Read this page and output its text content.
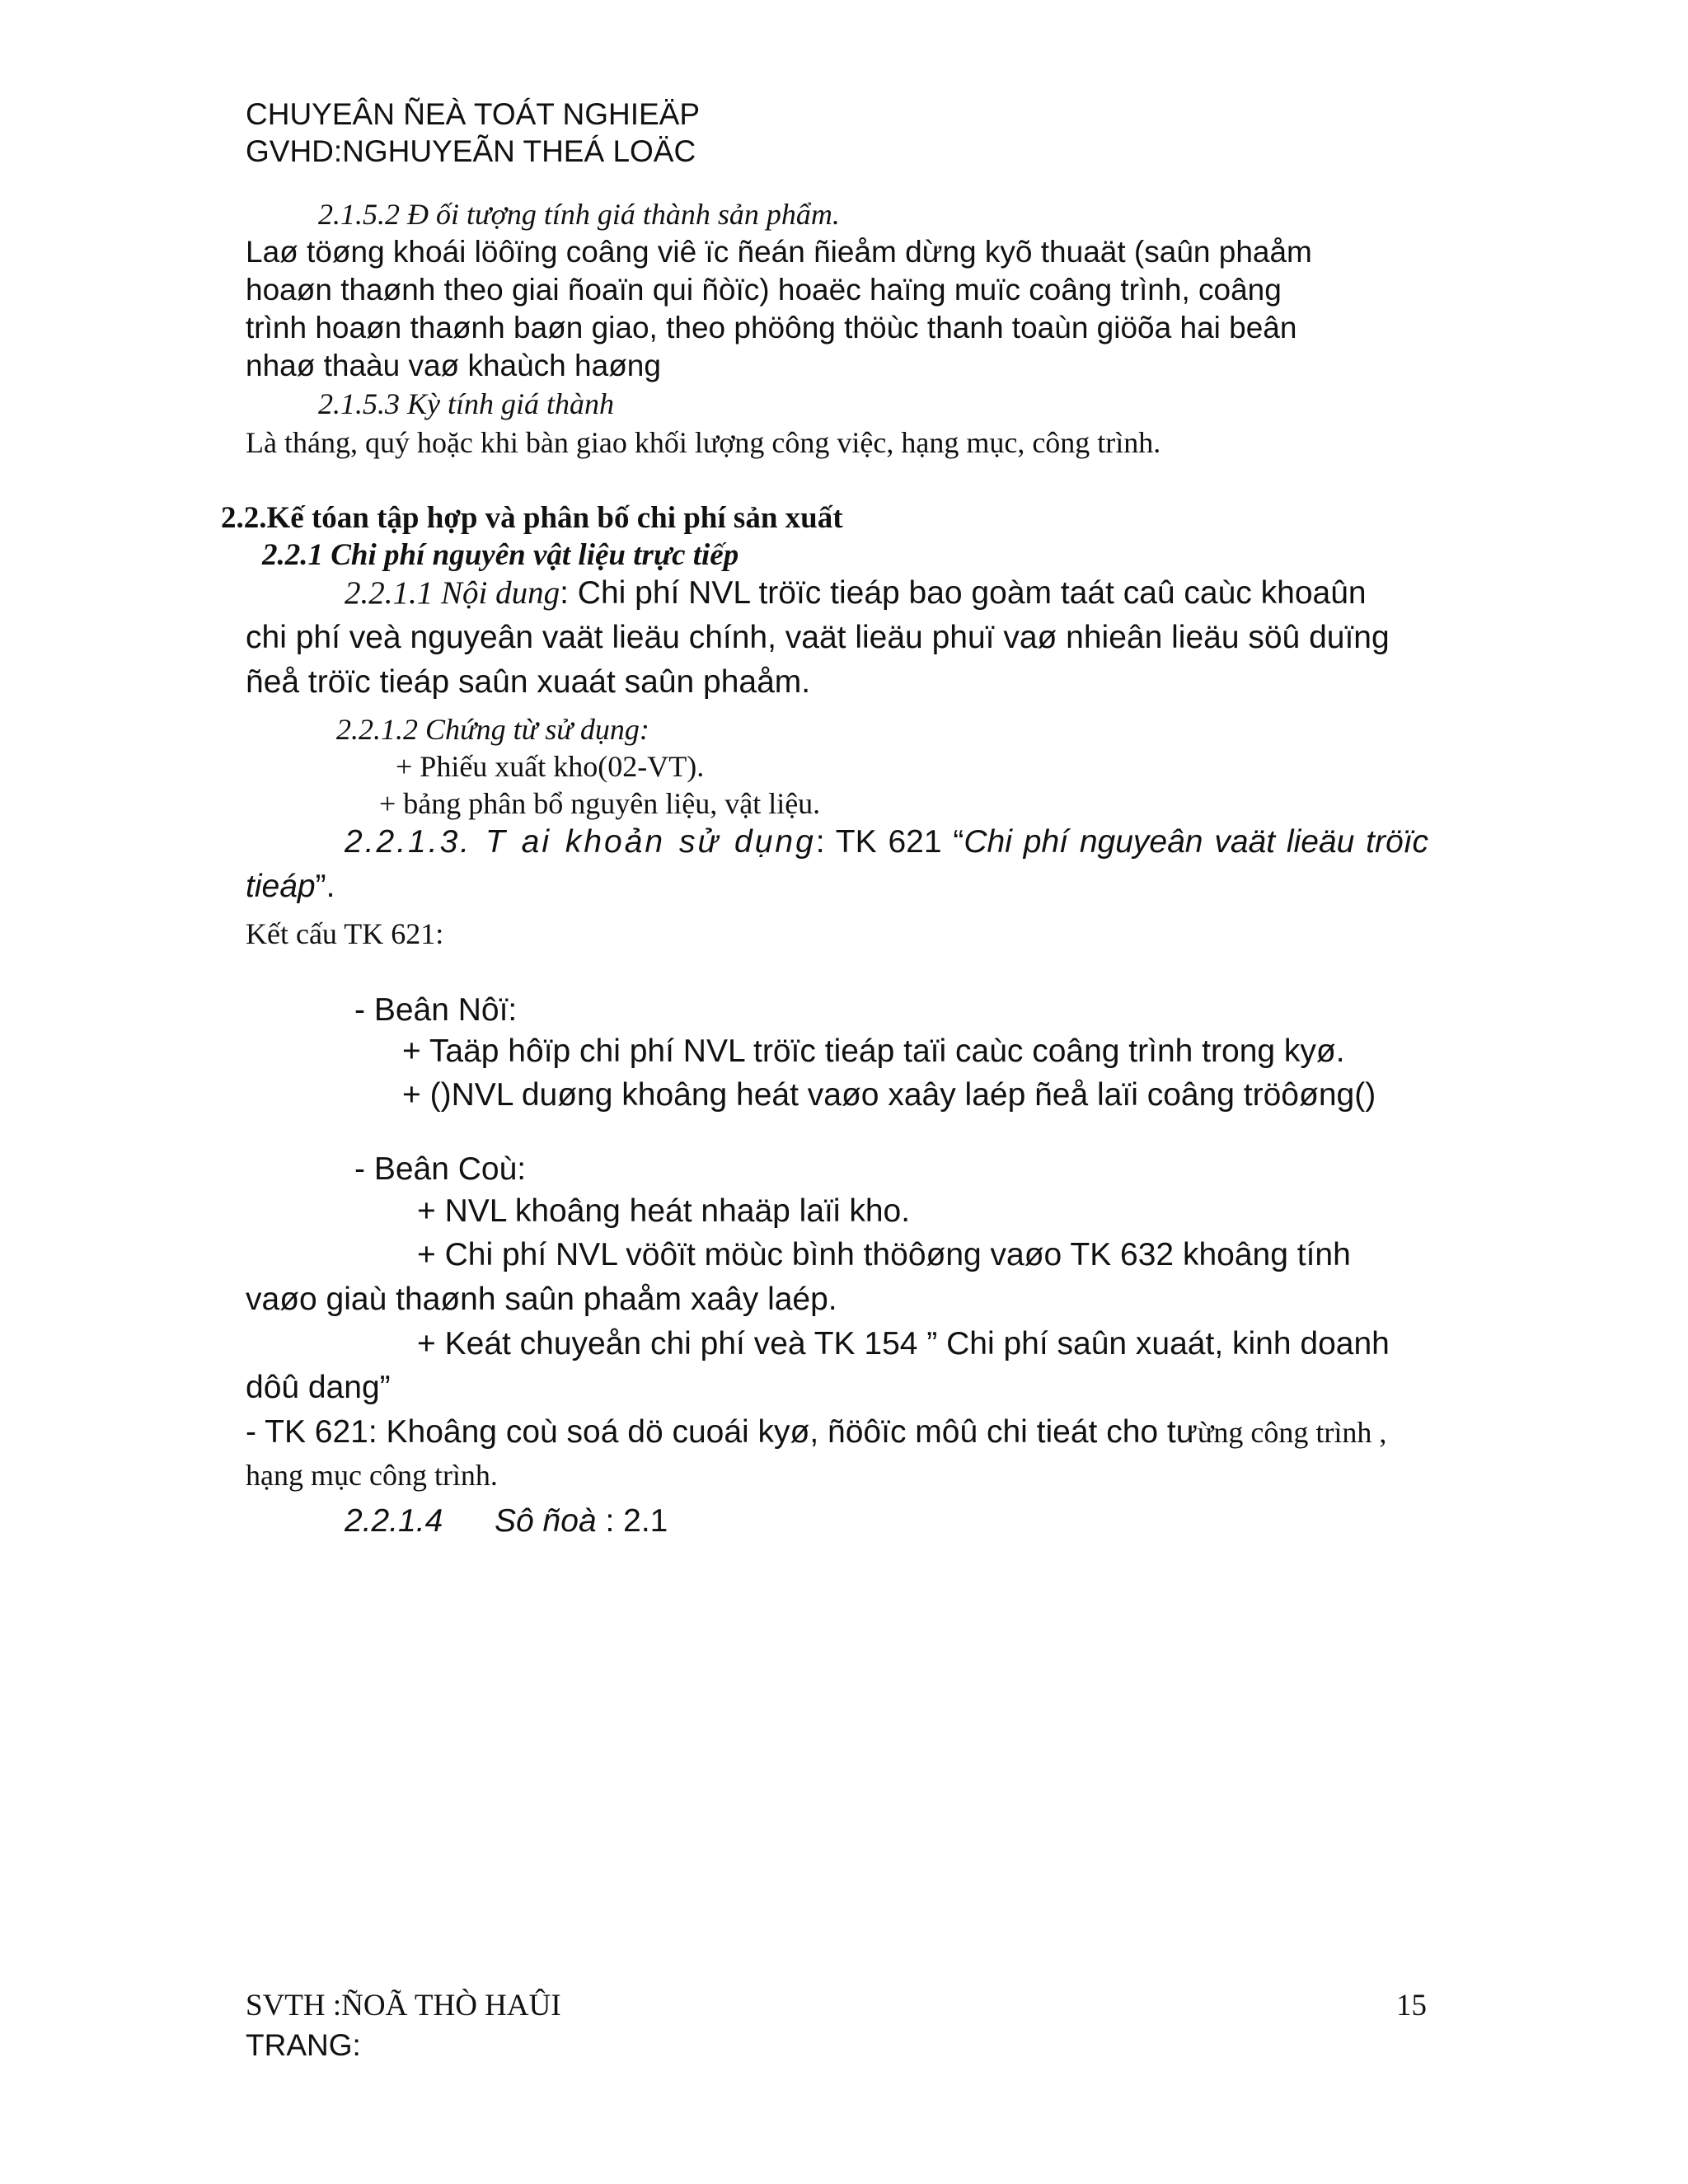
CHUYEÂN ÑEÀ TOÁT NGHIEÄP
GVHD:NGHUYEÃN THEÁ LOÄC
2.1.5.2 Đ ối tượng tính giá thành sản phẩm.
Laø töøng khoái löôïng coâng viê ïc ñeán ñieåm dừng kyõ thuaät (saûn phaåm
hoaøn thaønh theo giai ñoaïn qui ñòïc) hoaëc haïng muïc coâng trình, coâng
trình hoaøn thaønh baøn giao, theo phöông thöùc thanh toaùn giöõa hai beân
nhaø thaàu vaø khaùch haøng
2.1.5.3 Kỳ tính giá thành
Là tháng, quý hoặc khi bàn giao khối lượng công việc, hạng mục, công trình.
2.2.Kế tóan tập hợp và phân bố chi phí sản xuất
2.2.1 Chi phí nguyên vật liệu trực tiếp
2.2.1.1 Nội dung: Chi phí NVL tröïc tieáp bao goàm taát caû caùc khoaûn
chi phí veà nguyeân vaät lieäu chính, vaät lieäu phuï vaø nhieân lieäu söû duïng
ñeå tröïc tieáp saûn xuaát saûn phaåm.
2.2.1.2 Chứng từ sử dụng:
+ Phiếu xuất kho(02-VT).
+ bảng phân bổ nguyên liệu, vật liệu.
2.2.1.3. T ai khoản sử dụng: TK 621 “Chi phí nguyeân vaät lieäu tröïc
tieáp”.
Kết cấu TK 621:
- Beân Nôï:
+ Taäp hôïp chi phí NVL tröïc tieáp taïi caùc coâng trình trong kyø.
+ ()NVL duøng khoâng heát vaøo xaây laép ñeå laïi coâng tröôøng()
- Beân Coù:
+ NVL khoâng heát nhaäp laïi kho.
+ Chi phí NVL vöôït möùc bình thöôøng vaøo TK 632 khoâng tính
vaøo giaù thaønh saûn phaåm xaây laép.
+ Keát chuyeån chi phí veà TK 154 ” Chi phí saûn xuaát, kinh doanh
dôû dang”
- TK 621: Khoâng coù soá dö cuoái kyø, ñöôïc môû chi tieát cho tưừng công trình ,
hạng mục công trình.
2.2.1.4 Sô ñoà : 2.1
SVTH :ÑOÃ THÒ HAÛI	15
TRANG:
